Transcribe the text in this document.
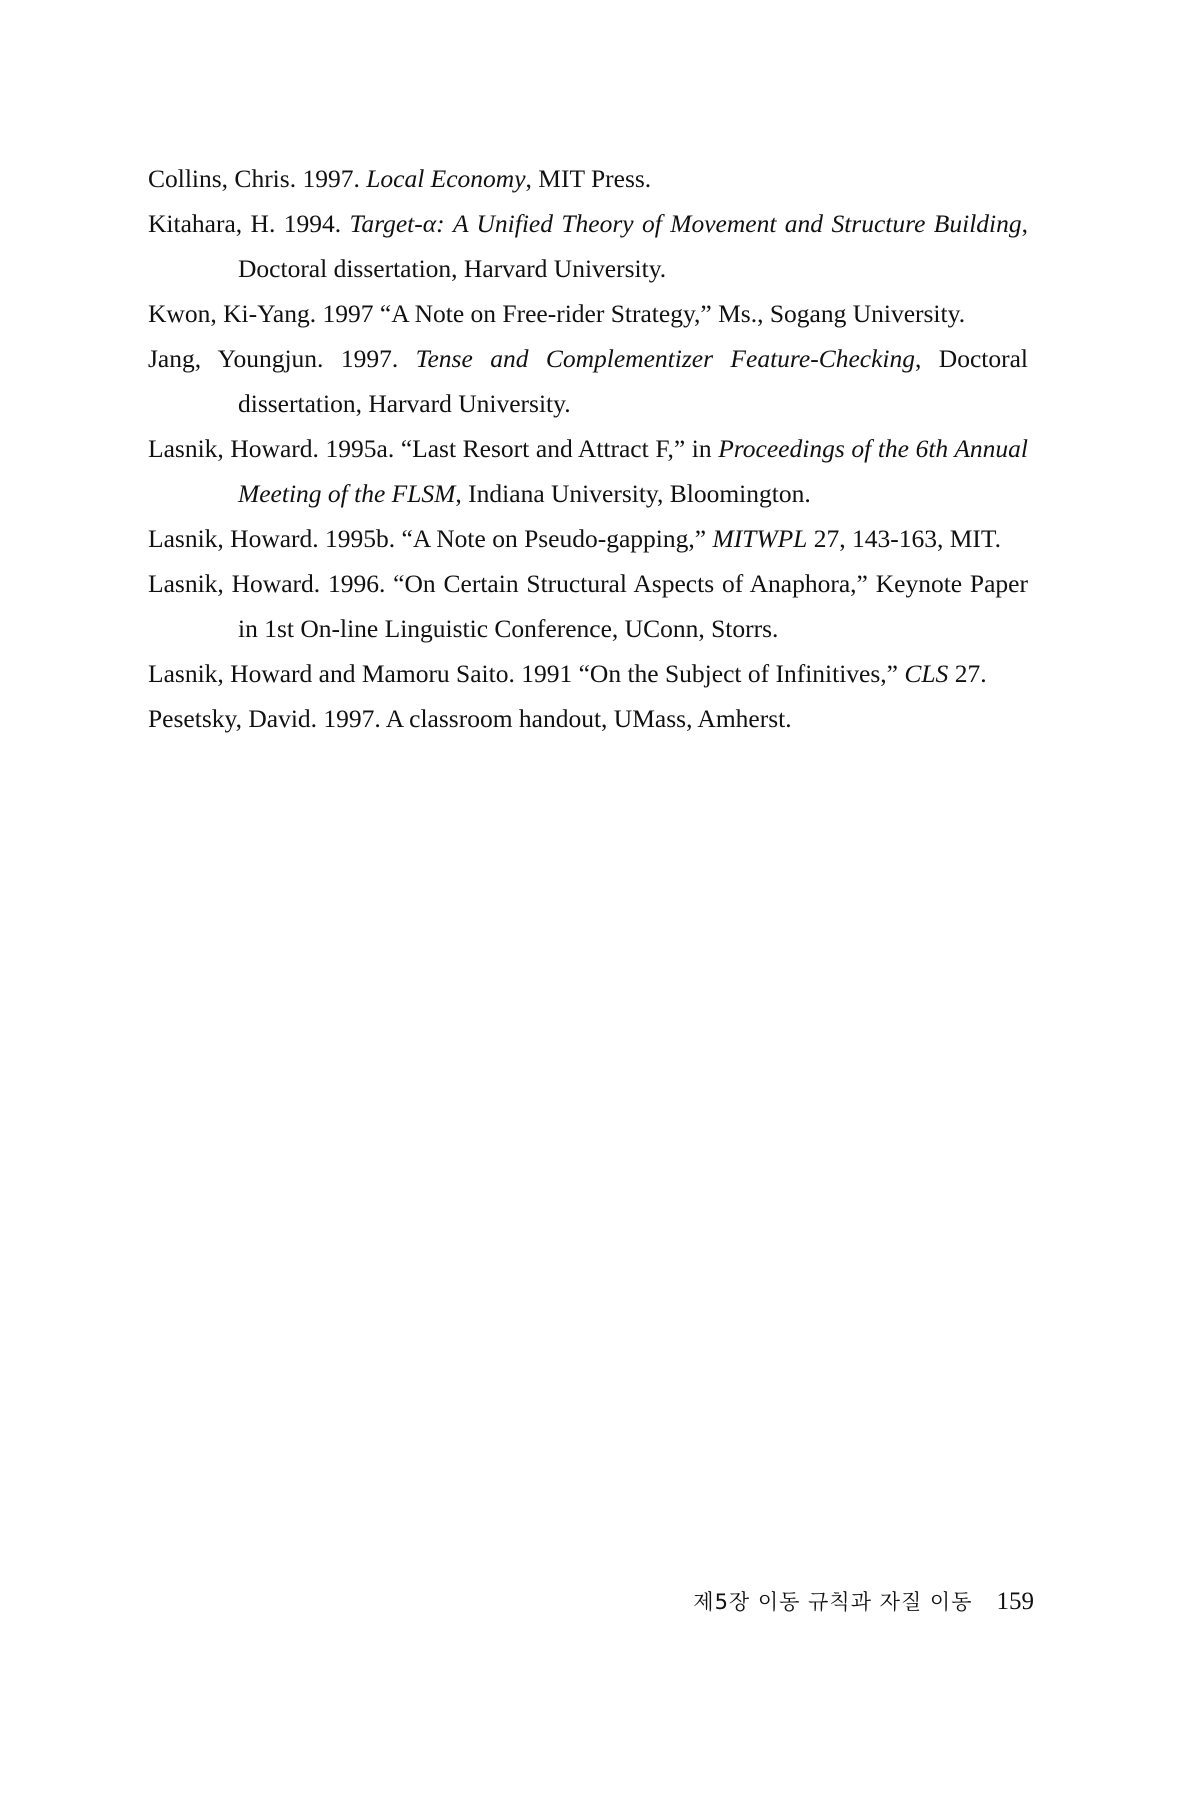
Collins, Chris. 1997. Local Economy, MIT Press.

Kitahara, H. 1994. Target-α: A Unified Theory of Movement and Structure Building, Doctoral dissertation, Harvard University.

Kwon, Ki-Yang. 1997 “A Note on Free-rider Strategy,” Ms., Sogang University.

Jang, Youngjun. 1997. Tense and Complementizer Feature-Checking, Doctoral dissertation, Harvard University.

Lasnik, Howard. 1995a. “Last Resort and Attract F,” in Proceedings of the 6th Annual Meeting of the FLSM, Indiana University, Bloomington.

Lasnik, Howard. 1995b. “A Note on Pseudo-gapping,” MITWPL 27, 143-163, MIT.

Lasnik, Howard. 1996. “On Certain Structural Aspects of Anaphora,” Keynote Paper in 1st On-line Linguistic Conference, UConn, Storrs.

Lasnik, Howard and Mamoru Saito. 1991 “On the Subject of Infinitives,” CLS 27.

Pesetsky, David. 1997. A classroom handout, UMass, Amherst.

제5장 이동 규칙과 자질 이동 159
